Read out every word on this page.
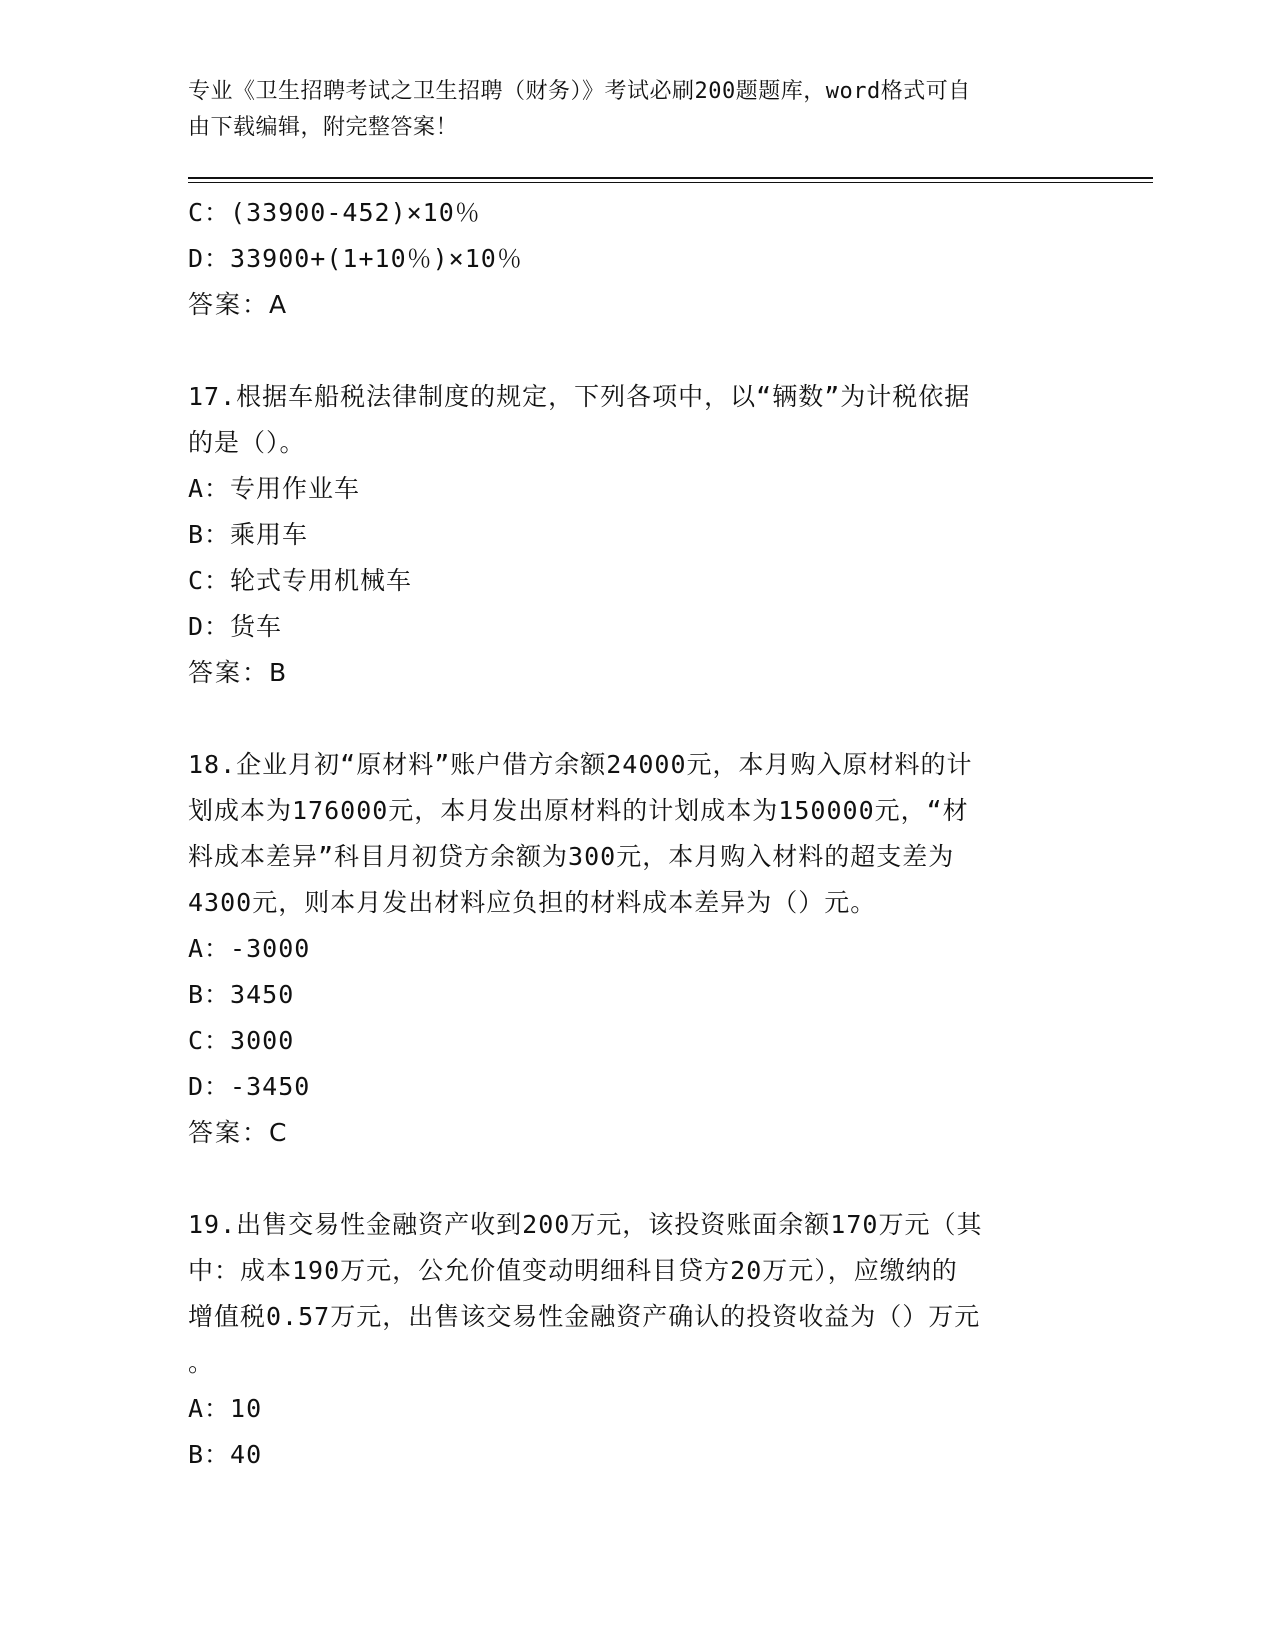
专业《卫生招聘考试之卫生招聘（财务）》考试必刷200题题库，word格式可自
由下载编辑，附完整答案！
C：(33900-452)×10％
D：33900+(1+10％)×10％
答案：A
17.根据车船税法律制度的规定，下列各项中，以“辆数”为计税依据
的是（）。
A：专用作业车
B：乘用车
C：轮式专用机械车
D：货车
答案：B
18.企业月初“原材料”账户借方余额24000元，本月购入原材料的计
划成本为176000元，本月发出原材料的计划成本为150000元，“材
料成本差异”科目月初贷方余额为300元，本月购入材料的超支差为
4300元，则本月发出材料应负担的材料成本差异为（）元。
A：-3000
B：3450
C：3000
D：-3450
答案：C
19.出售交易性金融资产收到200万元，该投资账面余额170万元（其
中：成本190万元，公允价值变动明细科目贷方20万元），应缴纳的
增值税0.57万元，出售该交易性金融资产确认的投资收益为（）万元
。
A：10
B：40
